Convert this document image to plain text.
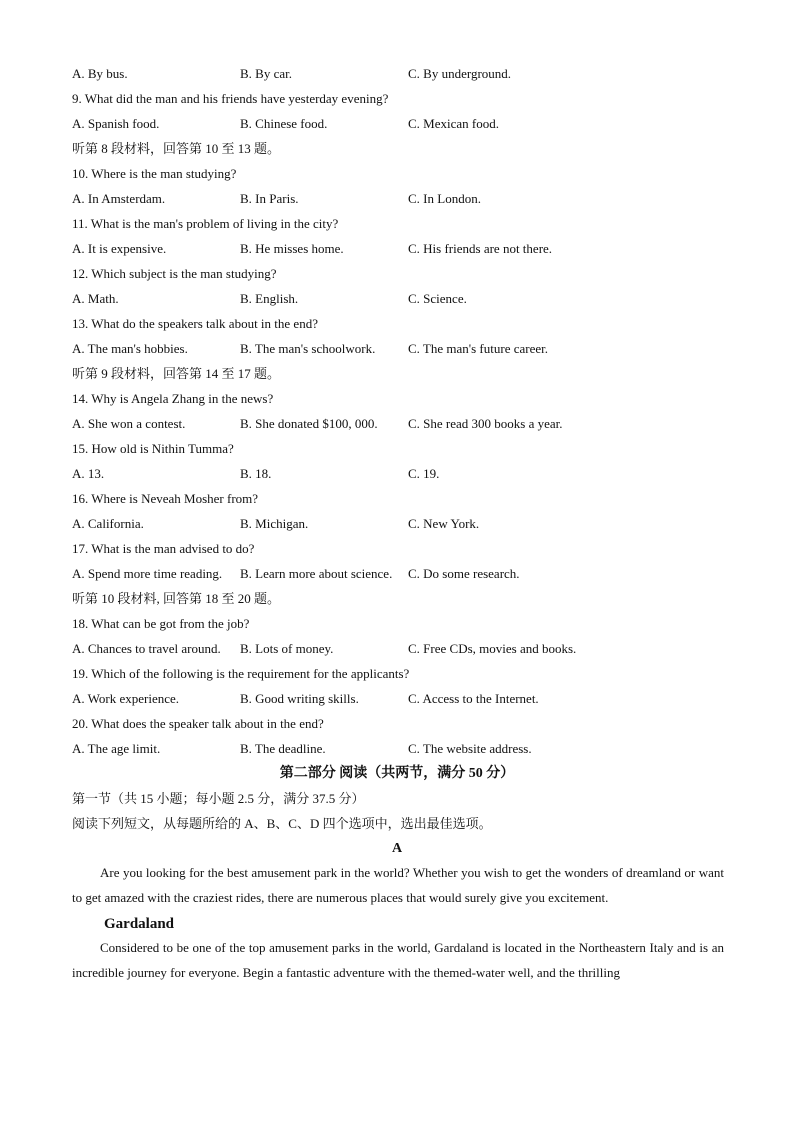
A. By bus.	B. By car.	C. By underground.
9. What did the man and his friends have yesterday evening?
A. Spanish food.	B. Chinese food.	C. Mexican food.
听第 8 段材料，回答第 10 至 13 题。
10. Where is the man studying?
A. In Amsterdam.	B. In Paris.	C. In London.
11. What is the man's problem of living in the city?
A. It is expensive.	B. He misses home.	C. His friends are not there.
12. Which subject is the man studying?
A. Math.	B. English.	C. Science.
13. What do the speakers talk about in the end?
A. The man's hobbies.	B. The man's schoolwork.	C. The man's future career.
听第 9 段材料，回答第 14 至 17 题。
14. Why is Angela Zhang in the news?
A. She won a contest.	B. She donated $100, 000. C. She read 300 books a year.
15. How old is Nithin Tumma?
A. 13.	B. 18.	C. 19.
16. Where is Neveah Mosher from?
A. California.	B. Michigan.	C. New York.
17. What is the man advised to do?
A. Spend more time reading. B. Learn more about science. C. Do some research.
听第 10 段材料, 回答第 18 至 20 题。
18. What can be got from the job?
A. Chances to travel around. B. Lots of money.	C. Free CDs, movies and books.
19. Which of the following is the requirement for the applicants?
A. Work experience.	B. Good writing skills.	C. Access to the Internet.
20. What does the speaker talk about in the end?
A. The age limit.	B. The deadline.	C. The website address.
第二部分 阅读（共两节，满分 50 分）
第一节（共 15 小题；每小题 2.5 分，满分 37.5 分）
阅读下列短文，从每题所给的 A、B、C、D 四个选项中，选出最佳选项。
A
Are you looking for the best amusement park in the world? Whether you wish to get the wonders of dreamland or want to get amazed with the craziest rides, there are numerous places that would surely give you excitement.
Gardaland
Considered to be one of the top amusement parks in the world, Gardaland is located in the Northeastern Italy and is an incredible journey for everyone. Begin a fantastic adventure with the themed-water well, and the thrilling
